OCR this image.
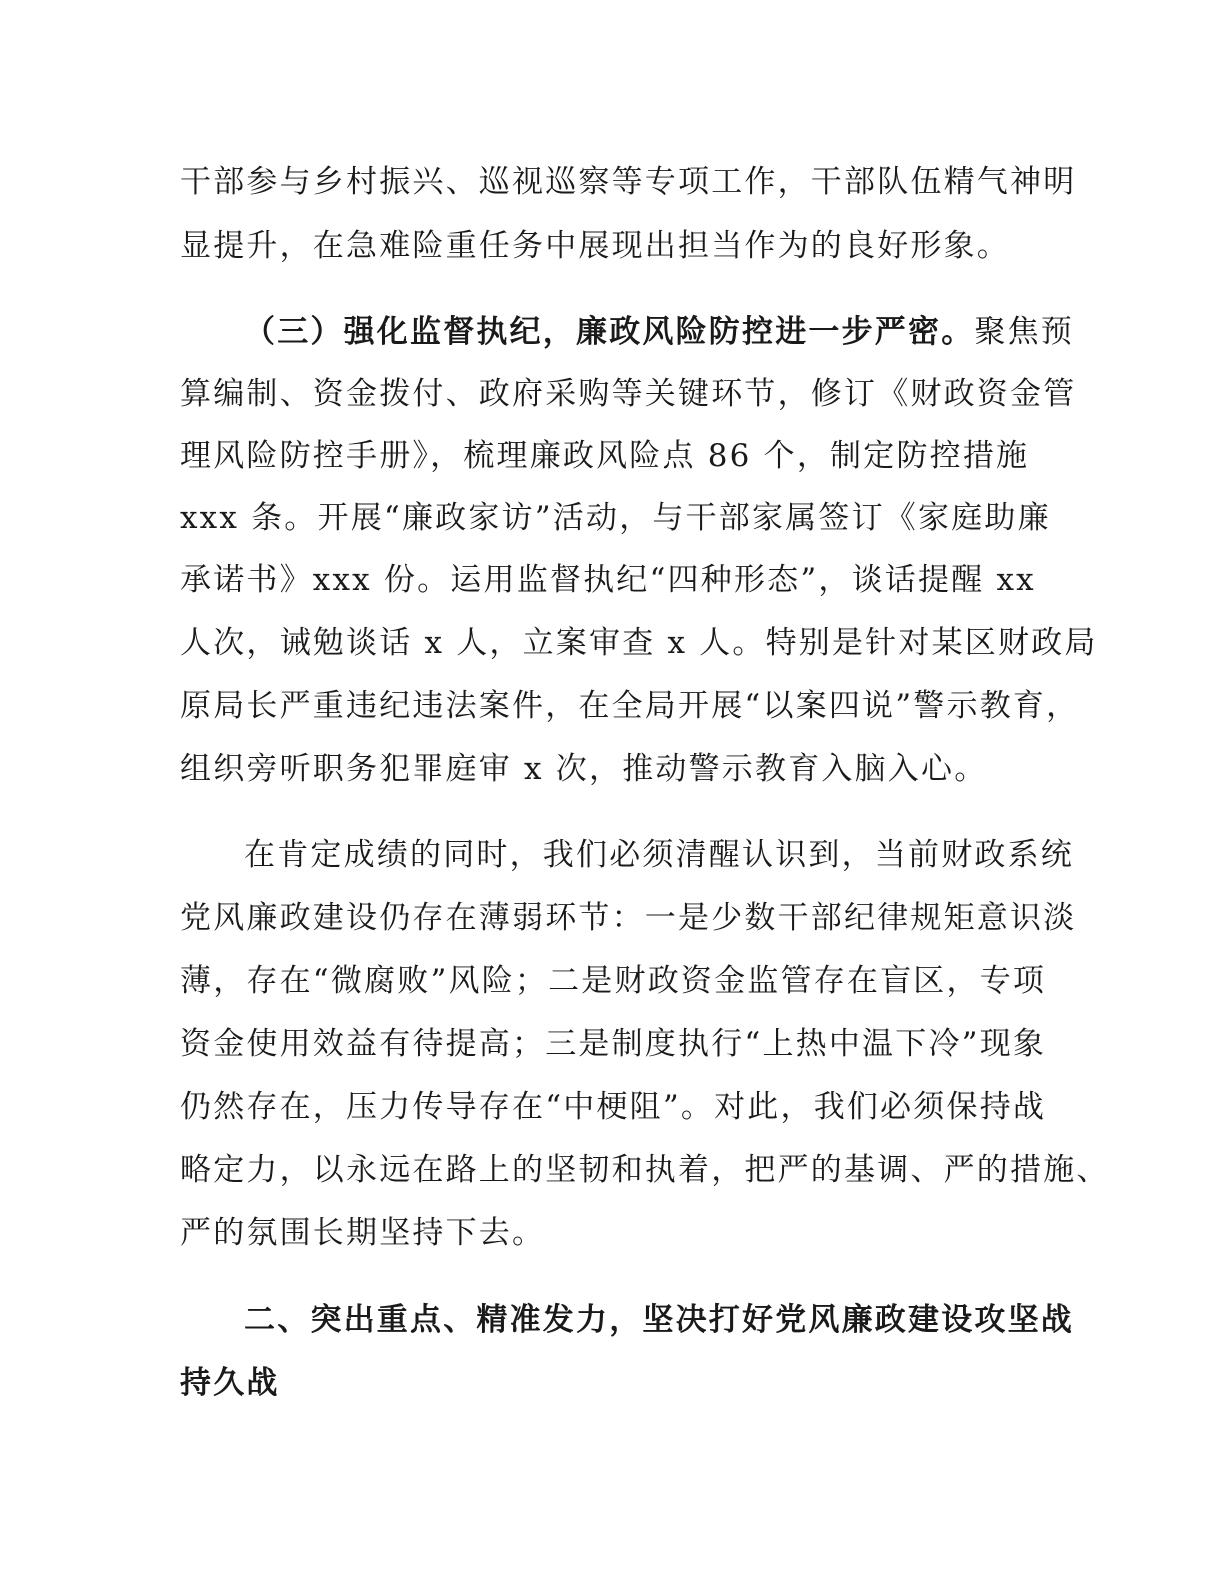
干部参与乡村振兴、巡视巡察等专项工作，干部队伍精气神明
显提升，在急难险重任务中展现出担当作为的良好形象。
（三）强化监督执纪，廉政风险防控进一步严密。聚焦预
算编制、资金拨付、政府采购等关键环节，修订《财政资金管
理风险防控手册》，梳理廉政风险点 86 个，制定防控措施
xxx 条。开展“廉政家访”活动，与干部家属签订《家庭助廉
承诺书》xxx 份。运用监督执纪“四种形态”，谈话提醒 xx
人次，诫勉谈话 x 人，立案审查 x 人。特别是针对某区财政局
原局长严重违纪违法案件，在全局开展“以案四说”警示教育，
组织旁听职务犯罪庭审 x 次，推动警示教育入脑入心。
在肯定成绩的同时，我们必须清醒认识到，当前财政系统
党风廉政建设仍存在薄弱环节：一是少数干部纪律规矩意识淡
薄，存在“微腐败”风险；二是财政资金监管存在盲区，专项
资金使用效益有待提高；三是制度执行“上热中温下冷”现象
仍然存在，压力传导存在“中梗阻”。对此，我们必须保持战
略定力，以永远在路上的坚韧和执着，把严的基调、严的措施、
严的氛围长期坚持下去。
二、突出重点、精准发力，坚决打好党风廉政建设攻坚战
持久战
